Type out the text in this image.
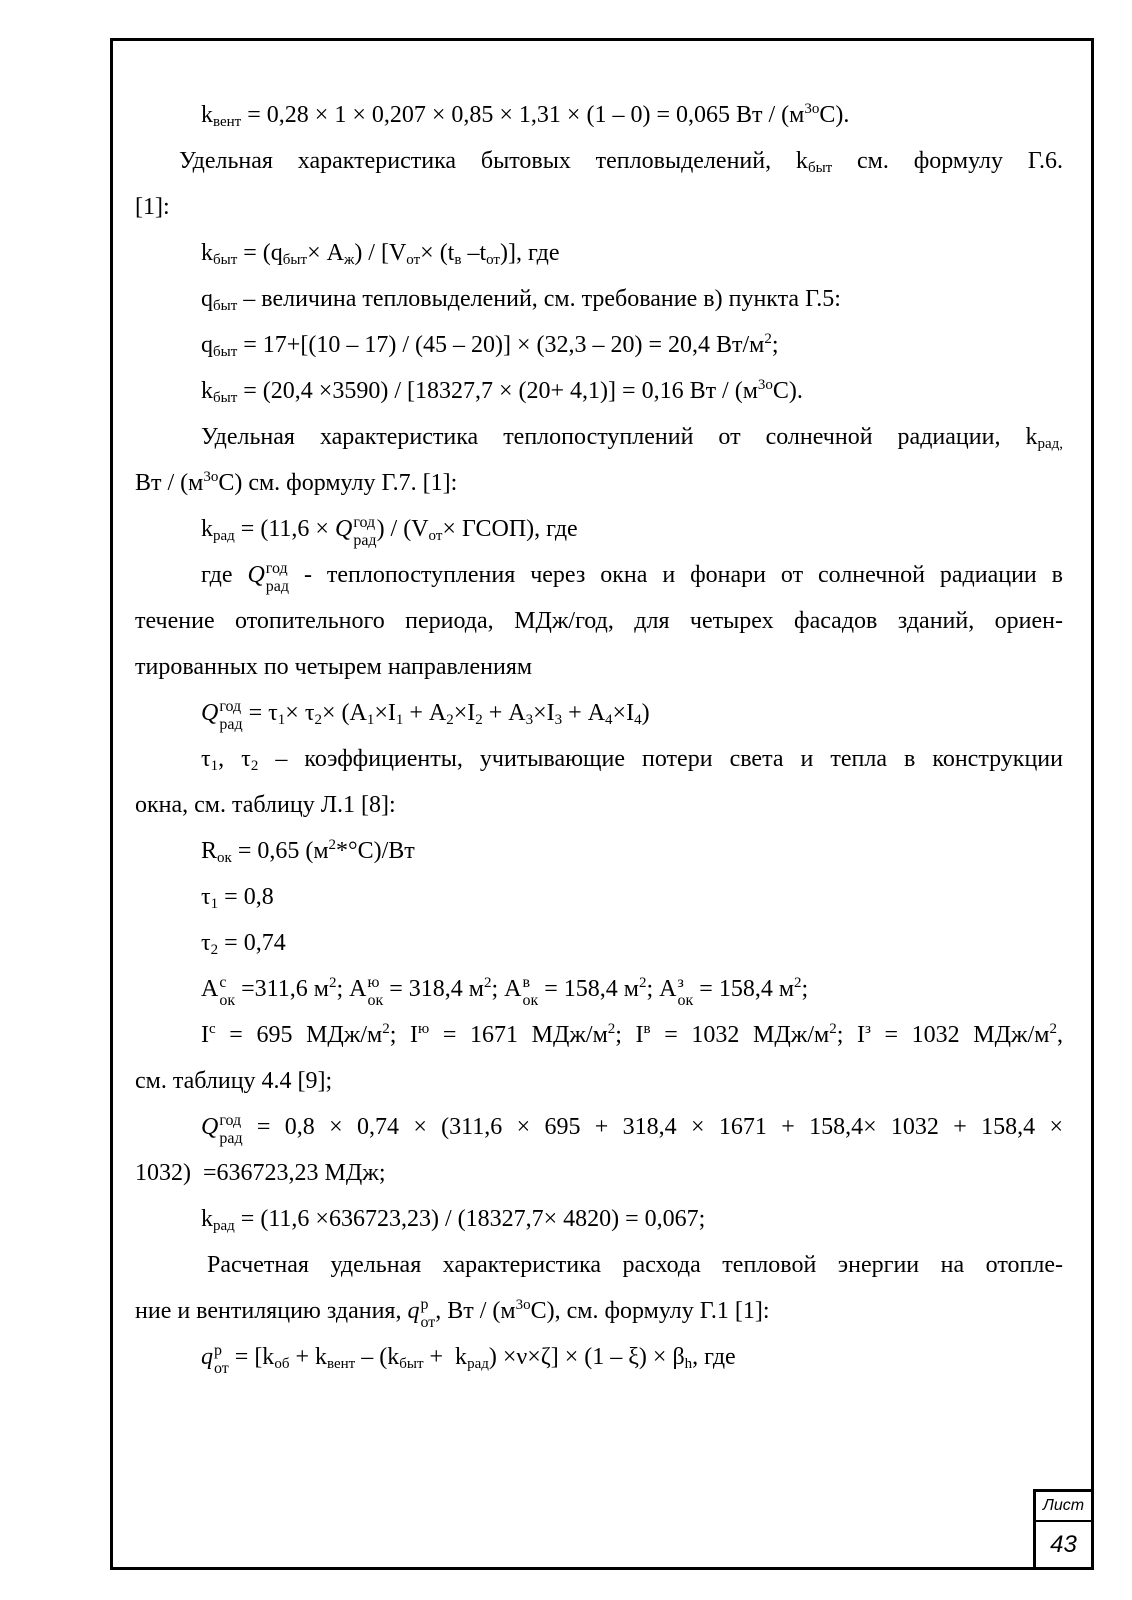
$k_{вент} = 0,28 \times 1 \times 0,207 \times 0,85 \times 1,31 \times (1 - 0) = 0,065$ Вт / $(м^{3о}С)$.
Удельная характеристика бытовых тепловыделений, $k_{быт}$ см. формулу Г.6.
[1]:
$k_{быт} = (q_{быт}\times А_ж) / [V_{от}\times (t_в$ $-t_{от}$)], где
$q_{быт}$ – величина тепловыделений, см. требование в) пункта Г.5:
$q_{быт} = 17+[(10 - 17) / (45 - 20)] \times (32,3 - 20) = 20,4$ $Вт/м^2$;
$k_{быт} = (20,4 \times 3590) / [18327,7 \times (20+ 4,1)] = 0,16$ Вт / $(м^{3о}С)$.
Удельная характеристика теплопоступлений от солнечной радиации, $k_{рад,}$
Вт / $(м^{3о}С)$ см. формулу Г.7. [1]:
$k_{рад} = (11,6 \times Q$ год
рад ) / ($V_{от}\times$ ГСОП), где
где Q год
рад - теплопоступления через окна и фонари от солнечной радиации в
течение отопительного периода, МДж/год, для четырех фасадов зданий, ориен-
тированных по четырем направлениям
Q год
рад = $\tau_1\times \tau_2\times (А_1\times I_1 + А_2\times I_2 + А_3\times I_3 + А_4\times I_4)$
$\tau_1$, $\tau_2$ – коэффициенты, учитывающие потери света и тепла в конструкции
окна, см. таблицу Л.1 [8]:
$R_{ок} = 0,65$ $(м^2*^\circ С)/Вт$
$\tau_1 = 0,8$
$\tau_2 = 0,74$
А с
ок =311,6 $м^2$; А ю
ок = 318,4 $м^2$; А в
ок = 158,4 $м^2$; А з
ок = 158,4 $м^2$;
$I^с = 695$ МДж/$м^2$; $I^ю = 1671$ МДж/$м^2$; $I^в = 1032$ МДж/$м^2$; $I^з = 1032$ МДж/$м^2$,
см. таблицу 4.4 [9];
Q год
рад = 0,8 × 0,74 × (311,6 × 695 + 318,4 × 1671 + 158,4× 1032 + 158,4 ×
1032)  =636723,23 МДж;
$k_{рад} = (11,6 \times 636723,23) / (18327,7\times 4820) = 0,067$;
Расчетная удельная характеристика расхода тепловой энергии на отопле-
ние и вентиляцию здания, q р
от , Вт / $(м^{3о}С)$, см. формулу Г.1 [1]:
q р
от = $[k_{об} + k_{вент} - (k_{быт} + k_{рад}) \times\nu\times\zeta] \times (1 - \xi) \times \beta_h$, где
Лист
43
